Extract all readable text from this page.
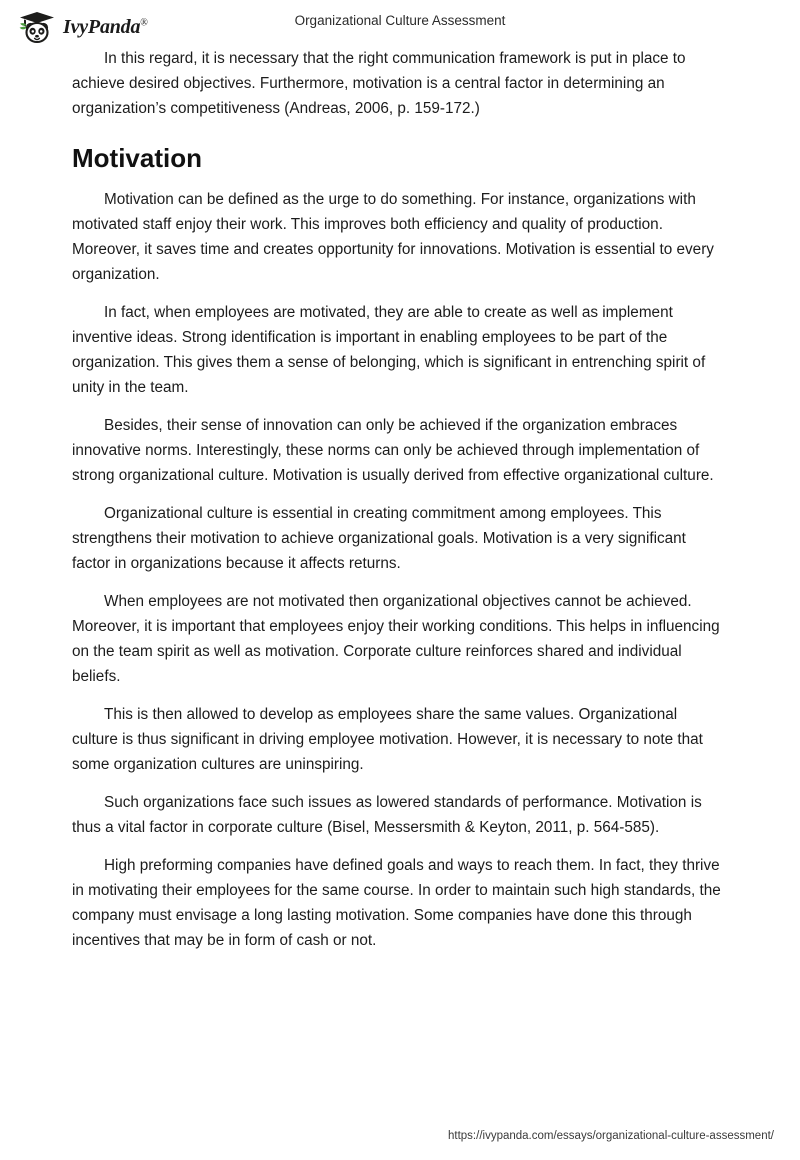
IvyPanda®	Organizational Culture Assessment

In this regard, it is necessary that the right communication framework is put in place to achieve desired objectives. Furthermore, motivation is a central factor in determining an organization’s competitiveness (Andreas, 2006, p. 159-172.)

Motivation

Motivation can be defined as the urge to do something. For instance, organizations with motivated staff enjoy their work. This improves both efficiency and quality of production. Moreover, it saves time and creates opportunity for innovations. Motivation is essential to every organization.

In fact, when employees are motivated, they are able to create as well as implement inventive ideas. Strong identification is important in enabling employees to be part of the organization. This gives them a sense of belonging, which is significant in entrenching spirit of unity in the team.

Besides, their sense of innovation can only be achieved if the organization embraces innovative norms. Interestingly, these norms can only be achieved through implementation of strong organizational culture. Motivation is usually derived from effective organizational culture.

Organizational culture is essential in creating commitment among employees. This strengthens their motivation to achieve organizational goals. Motivation is a very significant factor in organizations because it affects returns.

When employees are not motivated then organizational objectives cannot be achieved. Moreover, it is important that employees enjoy their working conditions. This helps in influencing on the team spirit as well as motivation. Corporate culture reinforces shared and individual beliefs.

This is then allowed to develop as employees share the same values. Organizational culture is thus significant in driving employee motivation. However, it is necessary to note that some organization cultures are uninspiring.

Such organizations face such issues as lowered standards of performance. Motivation is thus a vital factor in corporate culture (Bisel, Messersmith & Keyton, 2011, p. 564-585).

High preforming companies have defined goals and ways to reach them. In fact, they thrive in motivating their employees for the same course. In order to maintain such high standards, the company must envisage a long lasting motivation. Some companies have done this through incentives that may be in form of cash or not.

https://ivypanda.com/essays/organizational-culture-assessment/
